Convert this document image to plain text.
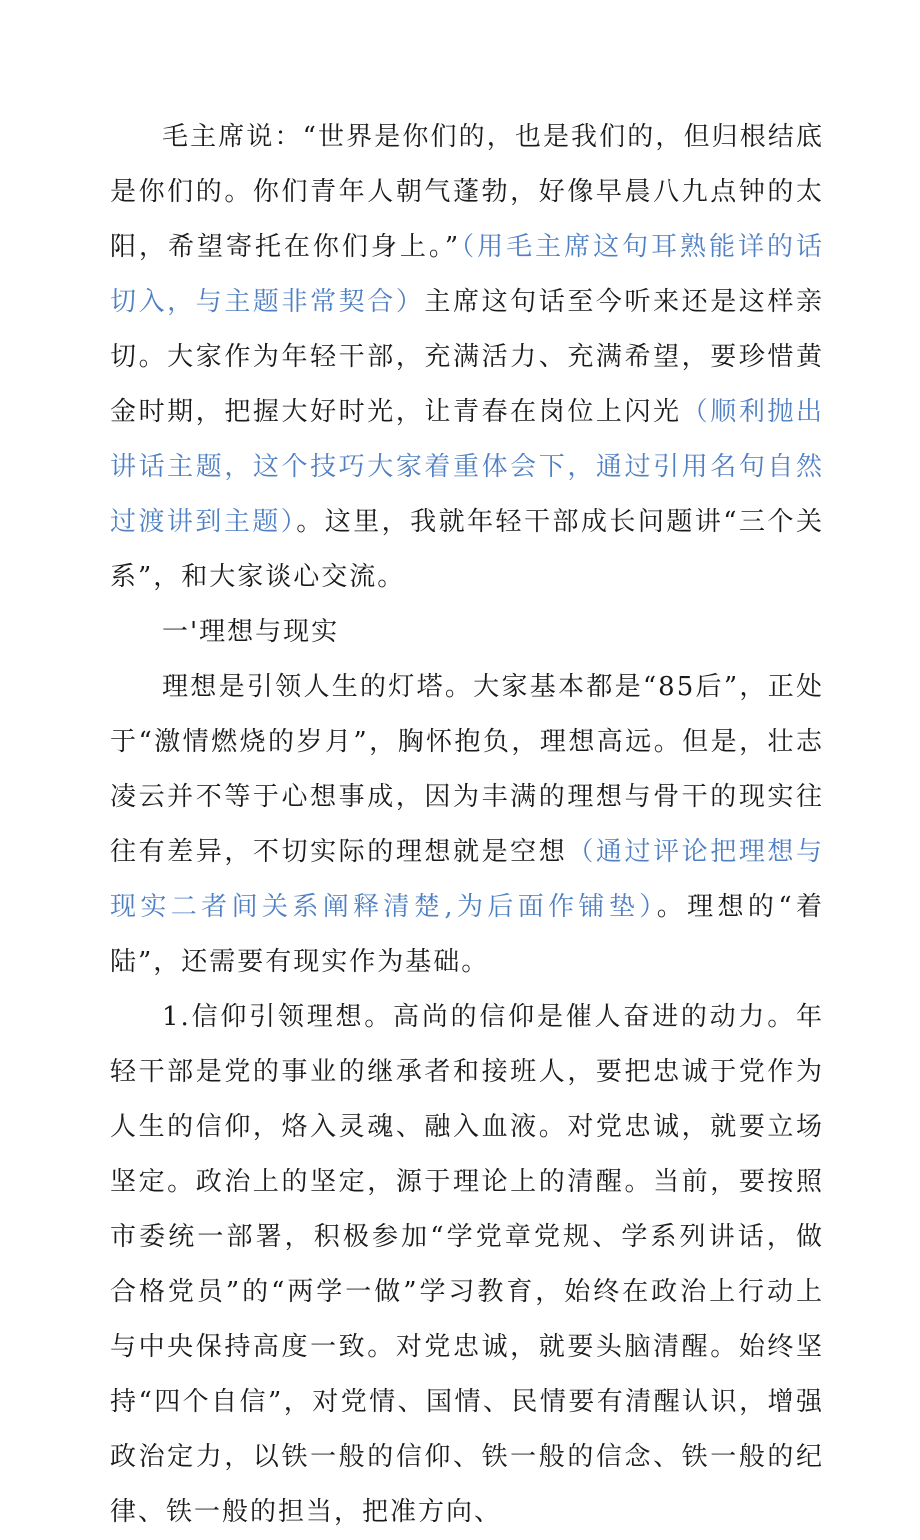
毛主席说：“世界是你们的，也是我们的，但归根结底是你们的。你们青年人朝气蓬勃，好像早晨八九点钟的太阳，希望寄托在你们身上。”（用毛主席这句耳熟能详的话切入，与主题非常契合）主席这句话至今听来还是这样亲切。大家作为年轻干部，充满活力、充满希望，要珍惜黄金时期，把握大好时光，让青春在岗位上闪光（顺利抛出讲话主题，这个技巧大家着重体会下，通过引用名句自然过渡讲到主题）。这里，我就年轻干部成长问题讲“三个关系”，和大家谈心交流。

一'理想与现实

理想是引领人生的灯塔。大家基本都是“85后”，正处于“激情燃烧的岁月”，胸怀抱负，理想高远。但是，壮志凌云并不等于心想事成，因为丰满的理想与骨干的现实往往有差异，不切实际的理想就是空想（通过评论把理想与现实二者间关系阐释清楚,为后面作铺垫）。理想的“着陆”，还需要有现实作为基础。

1.信仰引领理想。高尚的信仰是催人奋进的动力。年轻干部是党的事业的继承者和接班人，要把忠诚于党作为人生的信仰，烙入灵魂、融入血液。对党忠诚，就要立场坚定。政治上的坚定，源于理论上的清醒。当前，要按照市委统一部署，积极参加“学党章党规、学系列讲话，做合格党员”的“两学一做”学习教育，始终在政治上行动上与中央保持高度一致。对党忠诚，就要头脑清醒。始终坚持“四个自信”，对党情、国情、民情要有清醒认识，增强政治定力，以铁一般的信仰、铁一般的信念、铁一般的纪律、铁一般的担当，把准方向、
